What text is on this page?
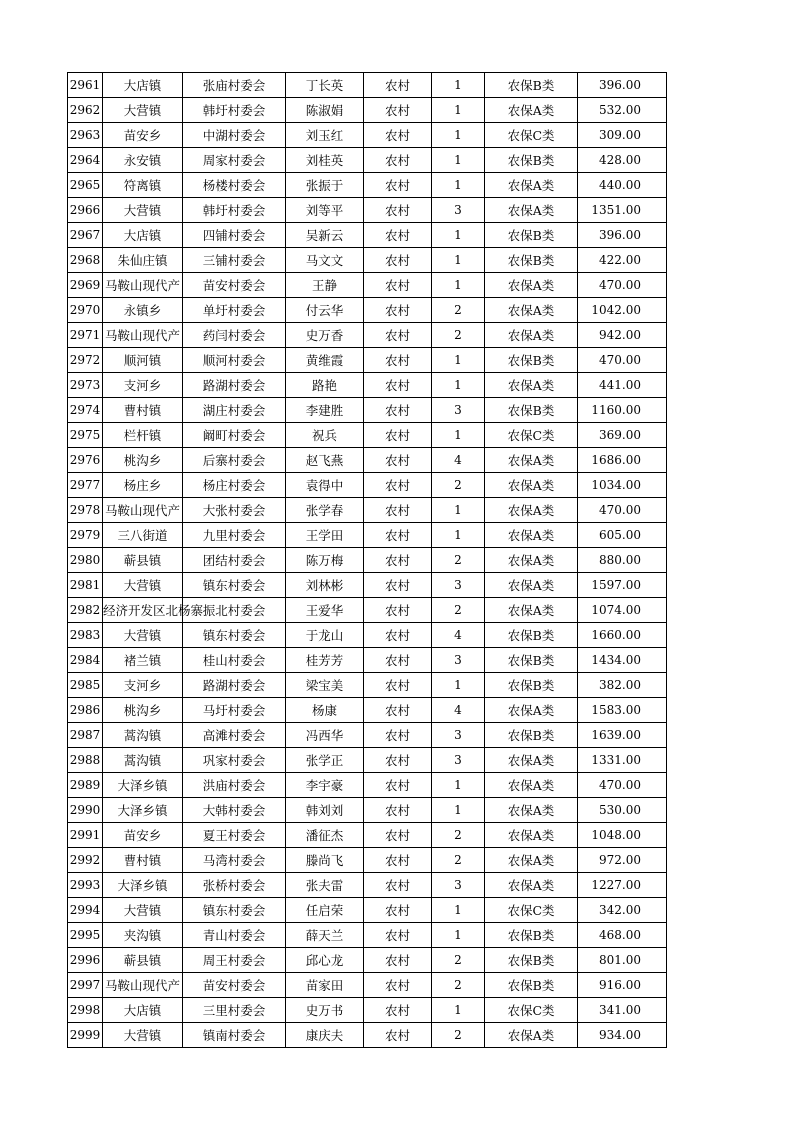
2961	大店镇	张庙村委会	丁长英	农村	1	农保B类	396.00
2962	大营镇	韩圩村委会	陈淑娟	农村	1	农保A类	532.00
2963	苗安乡	中湖村委会	刘玉红	农村	1	农保C类	309.00
2964	永安镇	周家村委会	刘桂英	农村	1	农保B类	428.00
2965	符离镇	杨楼村委会	张振于	农村	1	农保A类	440.00
2966	大营镇	韩圩村委会	刘等平	农村	3	农保A类	1351.00
2967	大店镇	四铺村委会	吴新云	农村	1	农保B类	396.00
2968	朱仙庄镇	三铺村委会	马文文	农村	1	农保B类	422.00
2969	马鞍山现代产	苗安村委会	王静	农村	1	农保A类	470.00
2970	永镇乡	单圩村委会	付云华	农村	2	农保A类	1042.00
2971	马鞍山现代产	药闫村委会	史万香	农村	2	农保A类	942.00
2972	顺河镇	顺河村委会	黄维霞	农村	1	农保B类	470.00
2973	支河乡	路湖村委会	路艳	农村	1	农保A类	441.00
2974	曹村镇	湖庄村委会	李建胜	农村	3	农保B类	1160.00
2975	栏杆镇	阚町村委会	祝兵	农村	1	农保C类	369.00
2976	桃沟乡	后寨村委会	赵飞燕	农村	4	农保A类	1686.00
2977	杨庄乡	杨庄村委会	袁得中	农村	2	农保A类	1034.00
2978	马鞍山现代产	大张村委会	张学春	农村	1	农保A类	470.00
2979	三八街道	九里村委会	王学田	农村	1	农保A类	605.00
2980	蕲县镇	团结村委会	陈万梅	农村	2	农保A类	880.00
2981	大营镇	镇东村委会	刘林彬	农村	3	农保A类	1597.00
2982	经济开发区北杨寨	振北村委会	王爱华	农村	2	农保A类	1074.00
2983	大营镇	镇东村委会	于龙山	农村	4	农保B类	1660.00
2984	褚兰镇	桂山村委会	桂芳芳	农村	3	农保B类	1434.00
2985	支河乡	路湖村委会	梁宝美	农村	1	农保B类	382.00
2986	桃沟乡	马圩村委会	杨康	农村	4	农保A类	1583.00
2987	蒿沟镇	高滩村委会	冯西华	农村	3	农保B类	1639.00
2988	蒿沟镇	巩家村委会	张学正	农村	3	农保A类	1331.00
2989	大泽乡镇	洪庙村委会	李宇豪	农村	1	农保A类	470.00
2990	大泽乡镇	大韩村委会	韩刘刘	农村	1	农保A类	530.00
2991	苗安乡	夏王村委会	潘征杰	农村	2	农保A类	1048.00
2992	曹村镇	马湾村委会	滕尚飞	农村	2	农保A类	972.00
2993	大泽乡镇	张桥村委会	张夫雷	农村	3	农保A类	1227.00
2994	大营镇	镇东村委会	任启荣	农村	1	农保C类	342.00
2995	夹沟镇	青山村委会	薛天兰	农村	1	农保B类	468.00
2996	蕲县镇	周王村委会	邱心龙	农村	2	农保B类	801.00
2997	马鞍山现代产	苗安村委会	苗家田	农村	2	农保B类	916.00
2998	大店镇	三里村委会	史万书	农村	1	农保C类	341.00
2999	大营镇	镇南村委会	康庆夫	农村	2	农保A类	934.00
